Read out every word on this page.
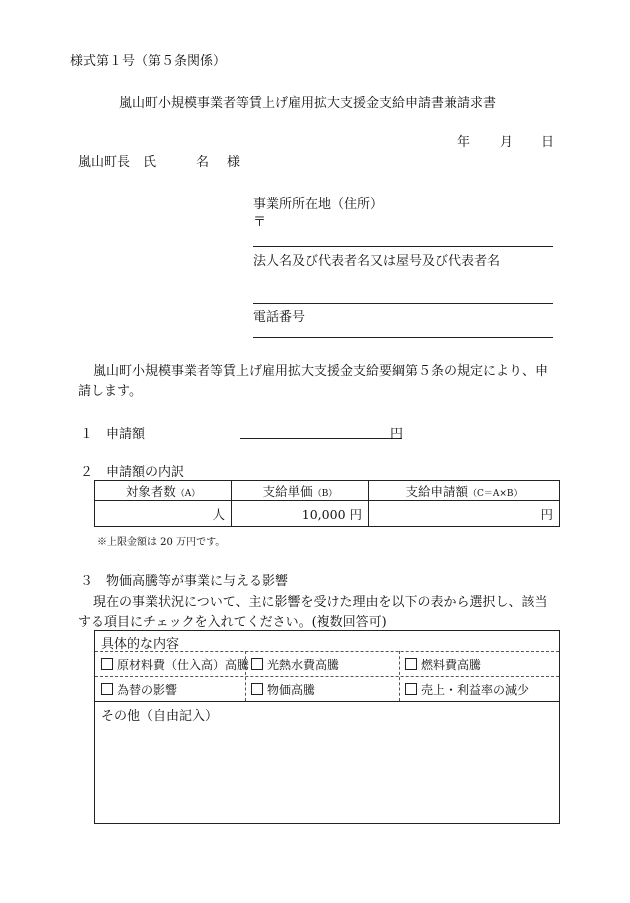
様式第１号（第５条関係）
嵐山町小規模事業者等賃上げ雇用拡大支援金支給申請書兼請求書
年 月 日
嵐山町長　氏	名 様
事業所所在地（住所）
〒
法人名及び代表者名又は屋号及び代表者名
電話番号
嵐山町小規模事業者等賃上げ雇用拡大支援金支給要綱第５条の規定により、申
請します。
１ 申請額	円
２ 申請額の内訳
対象者数（A）	支給単価（B）	支給申請額（C＝A×B）
人	10,000 円	円
※上限金額は 20 万円です。
３ 物価高騰等が事業に与える影響
現在の事業状況について、主に影響を受けた理由を以下の表から選択し、該当
する項目にチェックを入れてください。(複数回答可)
具体的な内容
原材料費（仕入高）高騰	光熱水費高騰	燃料費高騰
為替の影響	物価高騰	売上・利益率の減少
その他（自由記入）
